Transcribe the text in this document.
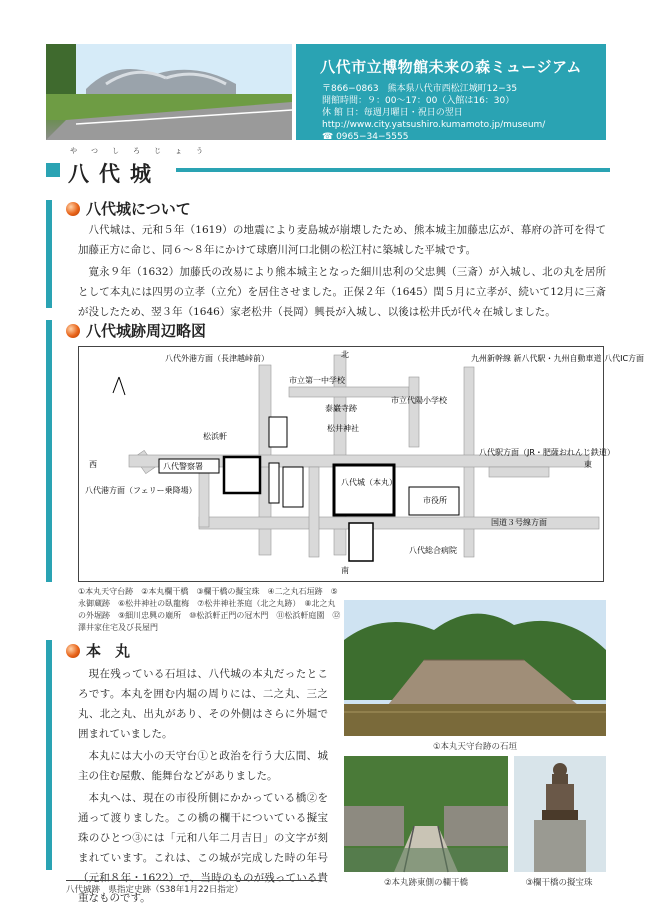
八代市立博物館未来の森ミュージアム
〒866−0863　熊本県八代市西松江城町12−35
開館時間：９：00〜17：00（入館は16：30）
休 館 日：毎週月曜日・祝日の翌日
http://www.city.yatsushiro.kumamoto.jp/museum/
☎ 0965−34−5555
やつしろじょう
八代城
八代城について
八代城は、元和５年（1619）の地震により麦島城が崩壊したため、熊本城主加藤忠広が、幕府の許可を得て加藤正方に命じ、同６〜８年にかけて球磨川河口北側の松江村に築城した平城です。
寛永９年（1632）加藤氏の改易により熊本城主となった細川忠利の父忠興（三斎）が入城し、北の丸を居所として本丸には四男の立孝（立允）を居住させました。正保２年（1645）閏５月に立孝が、続いて12月に三斎が没したため、翌３年（1646）家老松井（長岡）興長が入城し、以後は松井氏が代々在城しました。
八代城跡周辺略図
北
南
西	東
市立第一中学校
市立代陽小学校
泰巌寺跡
松井神社
八代警察署
八代城（本丸）
市役所
八代総合病院
松浜軒
国道３号線方面
八代駅方面（JR・肥薩おれんじ鉄道）
八代港方面（フェリー乗降場）
九州新幹線 新八代駅・九州自動車道 八代IC方面
八代外港方面（長津越峠前）
①本丸天守台跡　②本丸欄干橋　③欄干橋の擬宝珠　④二之丸石垣跡　⑤永御蔵跡　⑥松井神社の臥龍梅　⑦松井神社茶庭（北之丸跡）　⑧北之丸の外堀跡　⑨細川忠興の廟所　⑩松浜軒正門の冠木門　⑪松浜軒庭園　⑫澤井家住宅及び長屋門
①本丸天守台跡の石垣
本丸
現在残っている石垣は、八代城の本丸だったところです。本丸を囲む内堀の周りには、二之丸、三之丸、北之丸、出丸があり、その外側はさらに外堀で囲まれていました。
本丸には大小の天守台①と政治を行う大広間、城主の住む屋敷、能舞台などがありました。
本丸へは、現在の市役所側にかかっている橋②を通って渡りました。この橋の欄干についている擬宝珠のひとつ③には「元和八年二月吉日」の文字が刻まれています。これは、この城が完成した時の年号（元和８年・1622）で、当時のものが残っている貴重なものです。
②本丸跡東側の欄干橋	③欄干橋の擬宝珠
八代城跡　県指定史跡（S38年1月22日指定）
